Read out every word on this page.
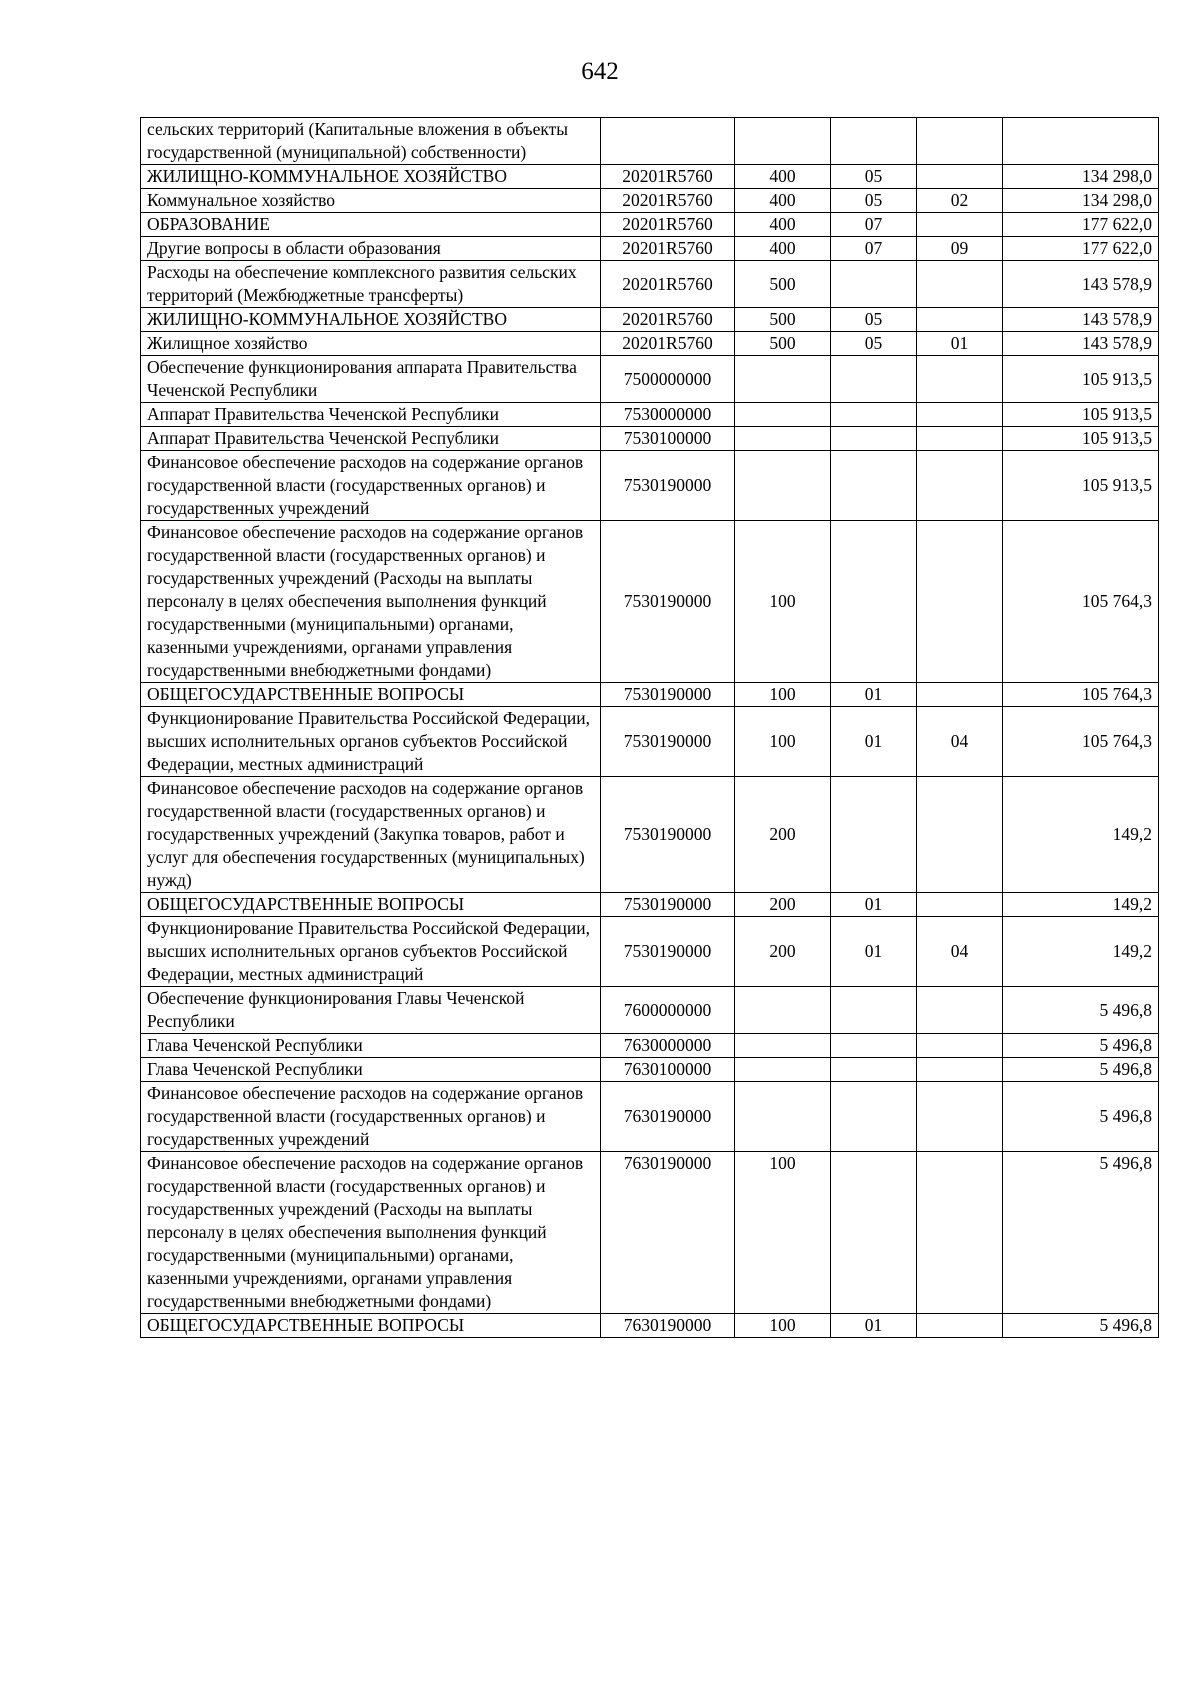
642
сельских территорий (Капитальные вложения в объекты государственной (муниципальной) собственности)					
ЖИЛИЩНО-КОММУНАЛЬНОЕ ХОЗЯЙСТВО	20201R5760	400	05		134 298,0
Коммунальное хозяйство	20201R5760	400	05	02	134 298,0
ОБРАЗОВАНИЕ	20201R5760	400	07		177 622,0
Другие вопросы в области образования	20201R5760	400	07	09	177 622,0
Расходы на обеспечение комплексного развития сельских территорий (Межбюджетные трансферты)	20201R5760	500			143 578,9
ЖИЛИЩНО-КОММУНАЛЬНОЕ ХОЗЯЙСТВО	20201R5760	500	05		143 578,9
Жилищное хозяйство	20201R5760	500	05	01	143 578,9
Обеспечение функционирования аппарата Правительства Чеченской Республики	7500000000				105 913,5
Аппарат Правительства Чеченской Республики	7530000000				105 913,5
Аппарат Правительства Чеченской Республики	7530100000				105 913,5
Финансовое обеспечение расходов на содержание органов государственной власти (государственных органов) и государственных учреждений	7530190000				105 913,5
Финансовое обеспечение расходов на содержание органов государственной власти (государственных органов) и государственных учреждений (Расходы на выплаты персоналу в целях обеспечения выполнения функций государственными (муниципальными) органами, казенными учреждениями, органами управления государственными внебюджетными фондами)	7530190000	100			105 764,3
ОБЩЕГОСУДАРСТВЕННЫЕ ВОПРОСЫ	7530190000	100	01		105 764,3
Функционирование Правительства Российской Федерации, высших исполнительных органов субъектов Российской Федерации, местных администраций	7530190000	100	01	04	105 764,3
Финансовое обеспечение расходов на содержание органов государственной власти (государственных органов) и государственных учреждений (Закупка товаров, работ и услуг для обеспечения государственных (муниципальных) нужд)	7530190000	200			149,2
ОБЩЕГОСУДАРСТВЕННЫЕ ВОПРОСЫ	7530190000	200	01		149,2
Функционирование Правительства Российской Федерации, высших исполнительных органов субъектов Российской Федерации, местных администраций	7530190000	200	01	04	149,2
Обеспечение функционирования Главы Чеченской Республики	7600000000				5 496,8
Глава Чеченской Республики	7630000000				5 496,8
Глава Чеченской Республики	7630100000				5 496,8
Финансовое обеспечение расходов на содержание органов государственной власти (государственных органов) и государственных учреждений	7630190000				5 496,8
Финансовое обеспечение расходов на содержание органов государственной власти (государственных органов) и государственных учреждений (Расходы на выплаты персоналу в целях обеспечения выполнения функций государственными (муниципальными) органами, казенными учреждениями, органами управления государственными внебюджетными фондами)	7630190000	100			5 496,8
ОБЩЕГОСУДАРСТВЕННЫЕ ВОПРОСЫ	7630190000	100	01		5 496,8
